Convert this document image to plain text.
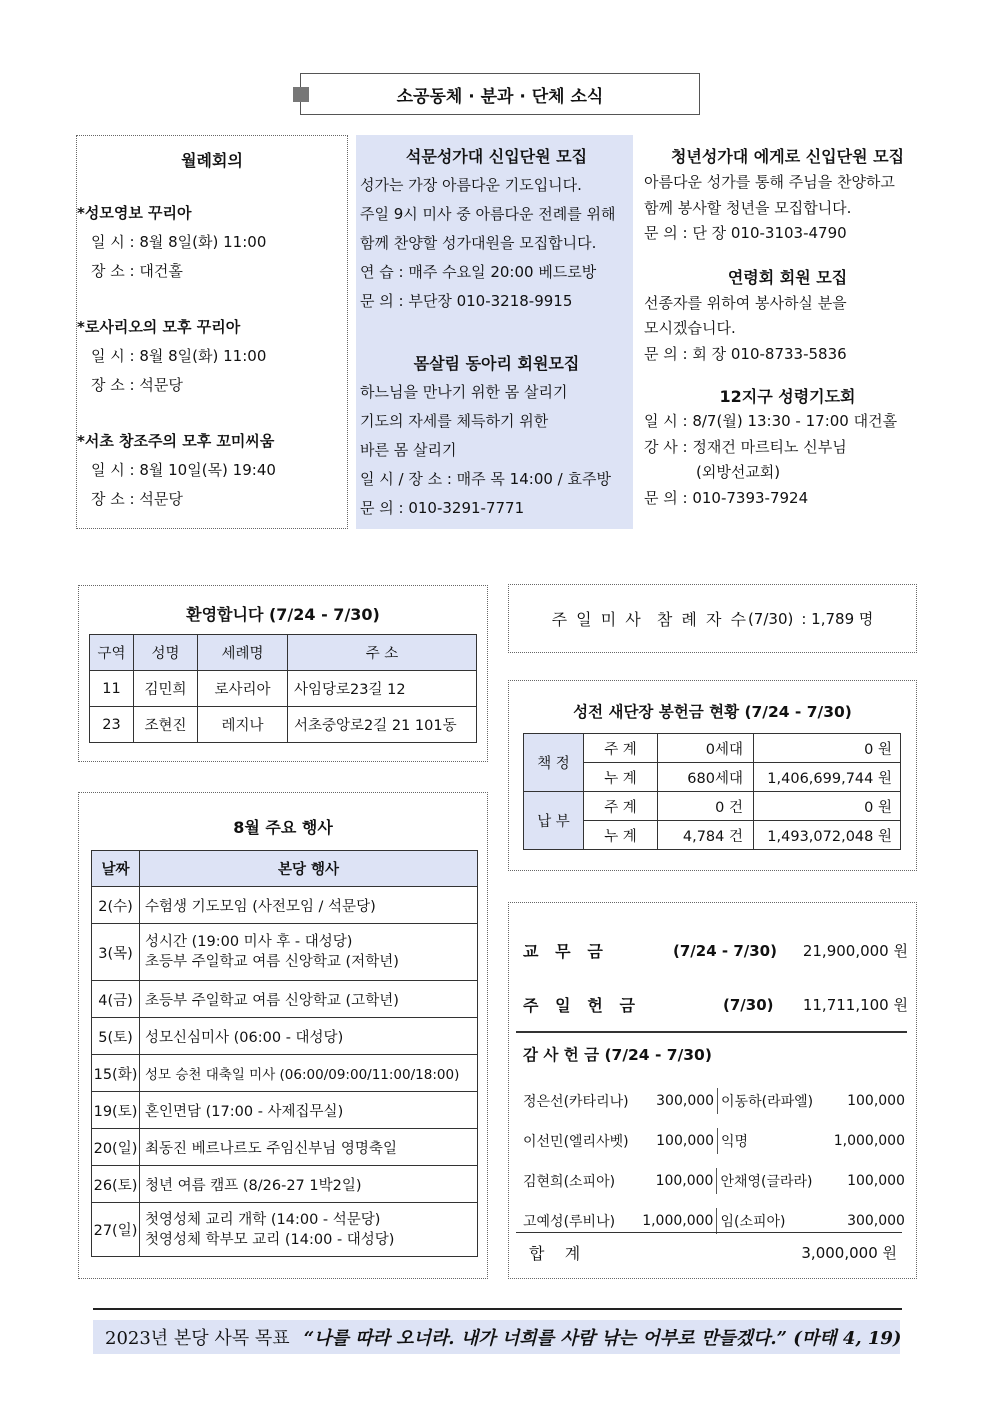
소공동체 · 분과 · 단체 소식
월례회의
*성모영보 꾸리아
일 시 : 8월 8일(화) 11:00
장 소 : 대건홀
*로사리오의 모후 꾸리아
일 시 : 8월 8일(화) 11:00
장 소 : 석문당
*서초 창조주의 모후 꼬미씨움
일 시 : 8월 10일(목) 19:40
장 소 : 석문당
석문성가대 신입단원 모집
성가는 가장 아름다운 기도입니다.
주일 9시 미사 중 아름다운 전례를 위해
함께 찬양할 성가대원을 모집합니다.
연 습 : 매주 수요일 20:00 베드로방
문 의 : 부단장 010-3218-9915
몸살림 동아리 회원모집
하느님을 만나기 위한 몸 살리기
기도의 자세를 체득하기 위한
바른 몸 살리기
일 시 / 장 소 : 매주 목 14:00 / 효주방
문 의 : 010-3291-7771
청년성가대 에게로 신입단원 모집
아름다운 성가를 통해 주님을 찬양하고
함께 봉사할 청년을 모집합니다.
문 의 : 단 장 010-3103-4790
연령회 회원 모집
선종자를 위하여 봉사하실 분을
모시겠습니다.
문 의 : 회 장 010-8733-5836
12지구 성령기도회
일 시 : 8/7(월) 13:30 - 17:00 대건홀
강 사 : 정재건 마르티노 신부님
(외방선교회)
문 의 : 010-7393-7924
환영합니다 (7/24 - 7/30)
구역	성명	세례명	주 소
11	김민희	로사리아	사임당로23길 12
23	조현진	레지나	서초중앙로2길 21 101동
주 일 미 사  참 례 자 수 (7/30) : 1,789 명
성전 새단장 봉헌금 현황 (7/24 - 7/30)
책 정	주 계	0세대	0 원
	누 계	680세대	1,406,699,744 원
납 부	주 계	0 건	0 원
	누 계	4,784 건	1,493,072,048 원
8월 주요 행사
날짜	본당 행사
2(수)	수험생 기도모임 (사전모임 / 석문당)
3(목)	성시간 (19:00 미사 후 - 대성당)
초등부 주일학교 여름 신앙학교 (저학년)

4(금)	초등부 주일학교 여름 신앙학교 (고학년)
5(토)	성모신심미사 (06:00 - 대성당)
15(화)	성모 승천 대축일 미사 (06:00/09:00/11:00/18:00)
19(토)	혼인면담 (17:00 - 사제집무실)
20(일)	최동진 베르나르도 주임신부님 영명축일
26(토)	청년 여름 캠프 (8/26-27 1박2일)
27(일)	첫영성체 교리 개학 (14:00 - 석문당)
첫영성체 학부모 교리 (14:00 - 대성당)
교   무   금	(7/24 - 7/30)	21,900,000 원
주   일   헌   금	(7/30)	11,711,100 원
감 사 헌 금 (7/24 - 7/30)
정은선(카타리나)	300,000 이동하(라파엘)	100,000
이선민(엘리사벳)	100,000 익명	1,000,000
김현희(소피아)	100,000 안채영(글라라)	100,000
고예성(루비나)	1,000,000 임(소피아)	300,000
합    계	3,000,000 원
2023년 본당 사목 목표 “나를 따라 오너라. 내가 너희를 사람 낚는 어부로 만들겠다.” (마태 4, 19)
